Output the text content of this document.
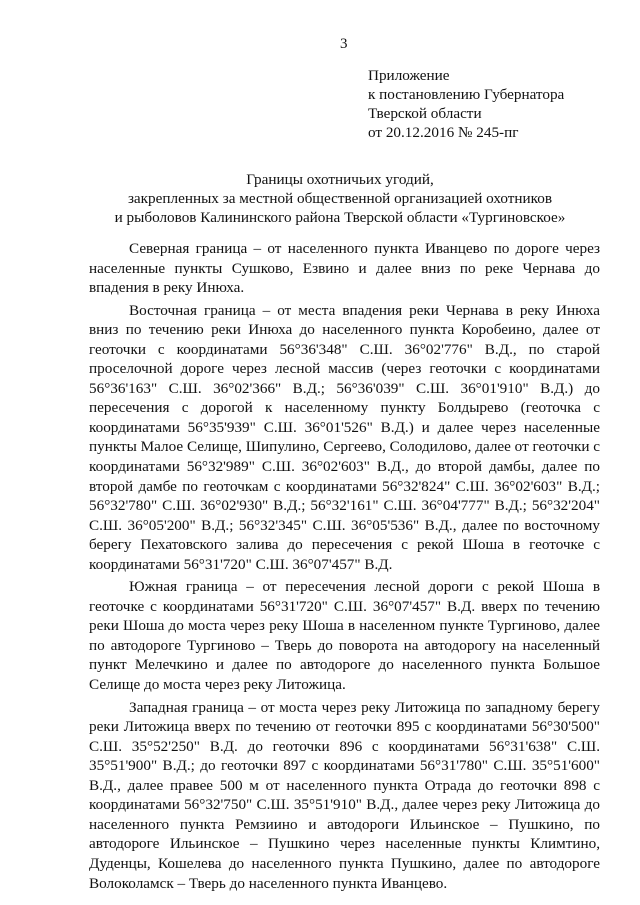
3
Приложение
к постановлению Губернатора
Тверской области
от 20.12.2016 № 245-пг
Границы охотничьих угодий,
закрепленных за местной общественной организацией охотников
и рыболовов Калининского района Тверской области «Тургиновское»

Северная граница – от населенного пункта Иванцево по дороге через населенные пункты Сушково, Езвино и далее вниз по реке Чернава до впадения в реку Инюха.

Восточная граница – от места впадения реки Чернава в реку Инюха вниз по течению реки Инюха до населенного пункта Коробеино, далее от геоточки с координатами 56°36'348" С.Ш. 36°02'776" В.Д., по старой проселочной дороге через лесной массив (через геоточки с координатами 56°36'163" С.Ш. 36°02'366" В.Д.; 56°36'039" С.Ш. 36°01'910" В.Д.) до пересечения с дорогой к населенному пункту Болдырево (геоточка с координатами 56°35'939" С.Ш. 36°01'526" В.Д.) и далее через населенные пункты Малое Селище, Шипулино, Сергеево, Солодилово, далее от геоточки с координатами 56°32'989" С.Ш. 36°02'603" В.Д., до второй дамбы, далее по второй дамбе по геоточкам с координатами 56°32'824" С.Ш. 36°02'603" В.Д.; 56°32'780" С.Ш. 36°02'930" В.Д.; 56°32'161" С.Ш. 36°04'777" В.Д.; 56°32'204" С.Ш. 36°05'200" В.Д.; 56°32'345" С.Ш. 36°05'536" В.Д., далее по восточному берегу Пехатовского залива до пересечения с рекой Шоша в геоточке с координатами 56°31'720" С.Ш. 36°07'457" В.Д.

Южная граница – от пересечения лесной дороги с рекой Шоша в геоточке с координатами 56°31'720" С.Ш. 36°07'457" В.Д. вверх по течению реки Шоша до моста через реку Шоша в населенном пункте Тургиново, далее по автодороге Тургиново – Тверь до поворота на автодорогу на населенный пункт Мелечкино и далее по автодороге до населенного пункта Большое Селище до моста через реку Литожица.

Западная граница – от моста через реку Литожица по западному берегу реки Литожица вверх по течению от геоточки 895 с координатами 56°30'500" С.Ш. 35°52'250" В.Д. до геоточки 896 с координатами 56°31'638" С.Ш. 35°51'900" В.Д.; до геоточки 897 с координатами 56°31'780" С.Ш. 35°51'600" В.Д., далее правее 500 м от населенного пункта Отрада до геоточки 898 с координатами 56°32'750" С.Ш. 35°51'910" В.Д., далее через реку Литожица до населенного пункта Ремзиино и автодороги Ильинское – Пушкино, по автодороге Ильинское – Пушкино через населенные пункты Климтино, Дуденцы, Кошелева до населенного пункта Пушкино, далее по автодороге Волоколамск – Тверь до населенного пункта Иванцево.
